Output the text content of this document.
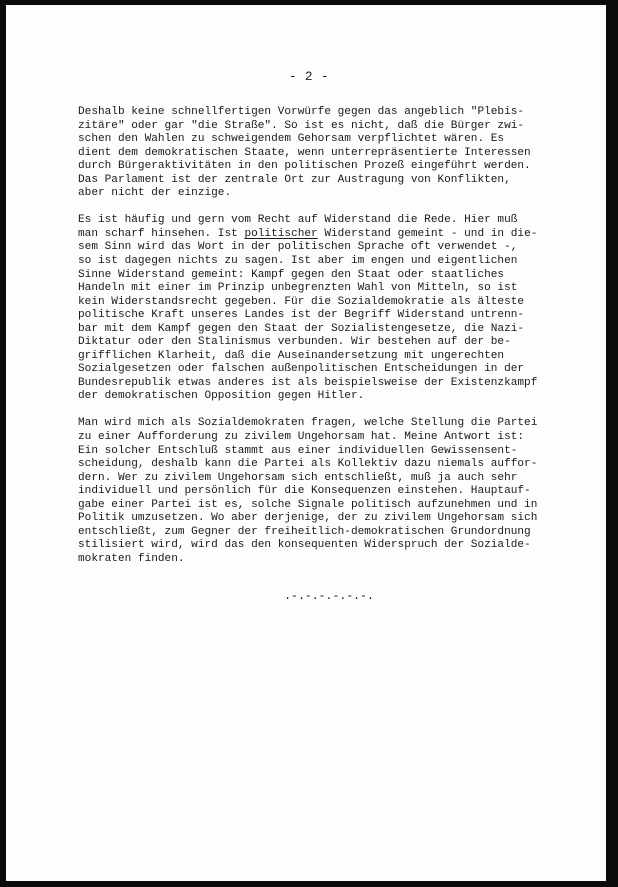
- 2 -
Deshalb keine schnellfertigen Vorwürfe gegen das angeblich "Plebis-
zitäre" oder gar "die Straße". So ist es nicht, daß die Bürger zwi-
schen den Wahlen zu schweigendem Gehorsam verpflichtet wären. Es
dient dem demokratischen Staate, wenn unterrepräsentierte Interessen
durch Bürgeraktivitäten in den politischen Prozeß eingeführt werden.
Das Parlament ist der zentrale Ort zur Austragung von Konflikten,
aber nicht der einzige.
Es ist häufig und gern vom Recht auf Widerstand die Rede. Hier muß
man scharf hinsehen. Ist politischer Widerstand gemeint - und in die-
sem Sinn wird das Wort in der politischen Sprache oft verwendet -,
so ist dagegen nichts zu sagen. Ist aber im engen und eigentlichen
Sinne Widerstand gemeint: Kampf gegen den Staat oder staatliches
Handeln mit einer im Prinzip unbegrenzten Wahl von Mitteln, so ist
kein Widerstandsrecht gegeben. Für die Sozialdemokratie als älteste
politische Kraft unseres Landes ist der Begriff Widerstand untrenn-
bar mit dem Kampf gegen den Staat der Sozialistengesetze, die Nazi-
Diktatur oder den Stalinismus verbunden. Wir bestehen auf der be-
grifflichen Klarheit, daß die Auseinandersetzung mit ungerechten
Sozialgesetzen oder falschen außenpolitischen Entscheidungen in der
Bundesrepublik etwas anderes ist als beispielsweise der Existenzkampf
der demokratischen Opposition gegen Hitler.
Man wird mich als Sozialdemokraten fragen, welche Stellung die Partei
zu einer Aufforderung zu zivilem Ungehorsam hat. Meine Antwort ist:
Ein solcher Entschluß stammt aus einer individuellen Gewissensent-
scheidung, deshalb kann die Partei als Kollektiv dazu niemals auffor-
dern. Wer zu zivilem Ungehorsam sich entschließt, muß ja auch sehr
individuell und persönlich für die Konsequenzen einstehen. Hauptauf-
gabe einer Partei ist es, solche Signale politisch aufzunehmen und in
Politik umzusetzen. Wo aber derjenige, der zu zivilem Ungehorsam sich
entschließt, zum Gegner der freiheitlich-demokratischen Grundordnung
stilisiert wird, wird das den konsequenten Widerspruch der Sozialde-
mokraten finden.
.-.-.-.-.-.-.
